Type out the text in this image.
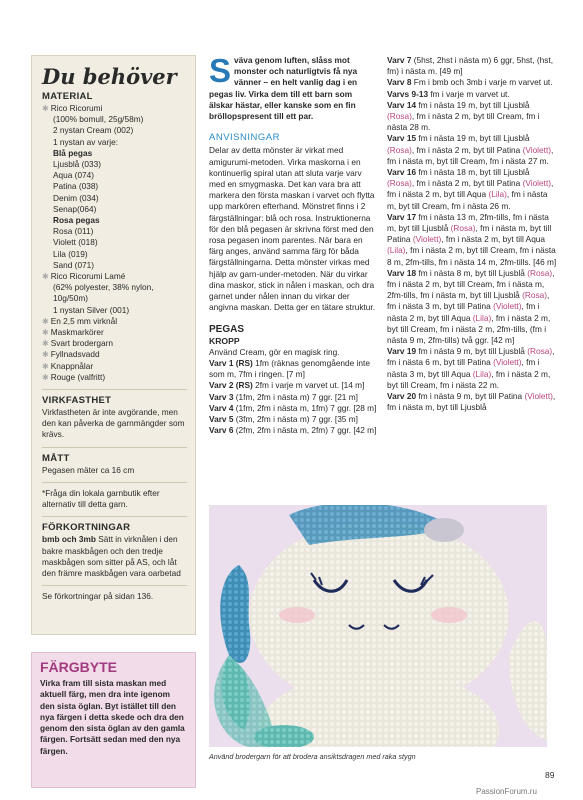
Du behöver
MATERIAL
✱ Rico Ricorumi
(100% bomull, 25g/58m)
2 nystan Cream (002)
1 nystan av varje:
Blå pegas
Ljusblå (033)
Aqua (074)
Patina (038)
Denim (034)
Senap(064)
Rosa pegas
Rosa (011)
Violett (018)
Lila (019)
Sand (071)
✱ Rico Ricorumi Lamé
(62% polyester, 38% nylon,
10g/50m)
1 nystan Silver (001)
✱ En 2,5 mm virknål
✱ Maskmarkörer
✱ Svart brodergarn
✱ Fyllnadsvadd
✱ Knappnålar
✱ Rouge (valfritt)
VIRKFASTHET

Virkfastheten är inte avgörande, men den kan påverka de garnmängder som krävs.

MÅTT

Pegasen mäter ca 16 cm

*Fråga din lokala garnbutik efter alternativ till detta garn.

FÖRKORTNINGAR

bmb och 3mb Sätt in virknålen i den bakre maskbågen och den tredje maskbågen som sitter på AS, och låt den främre maskbågen vara oarbetad

Se förkortningar på sidan 136.

FÄRGBYTE

Virka fram till sista maskan med aktuell färg, men dra inte igenom den sista öglan. Byt istället till den nya färgen i detta skede och dra den genom den sista öglan av den gamla färgen. Fortsätt sedan med den nya färgen.

Sväva genom luften, slåss mot monster och naturligtvis få nya vänner – en helt vanlig dag i en pegas liv. Virka dem till ett barn som älskar hästar, eller kanske som en fin bröllopspresent till ett par.

ANVISNINGAR

Delar av detta mönster är virkat med amigurumi-metoden. Virka maskorna i en kontinuerlig spiral utan att sluta varje varv med en smygmaska. Det kan vara bra att markera den första maskan i varvet och flytta upp markören efterhand. Mönstret finns i 2 färgställningar: blå och rosa. Instruktionerna för den blå pegasen är skrivna först med den rosa pegasen inom parentes. När bara en färg anges, använd samma färg för båda färgställningarna. Detta mönster virkas med hjälp av garn-under-metoden. När du virkar dina maskor, stick in nålen i maskan, och dra garnet under nålen innan du virkar der angivna maskan. Detta ger en tätare struktur.

PEGAS
KROPP

Använd Cream, gör en magisk ring.

Varv 1 (RS) 1fm (räknas genomgående inte som m, 7fm i ringen. [7 m]

Varv 2 (RS) 2fm i varje m varvet ut. [14 m]

Varv 3 (1fm, 2fm i nästa m) 7 ggr. [21 m]

Varv 4 (1fm, 2fm i nästa m, 1fm) 7 ggr. [28 m]

Varv 5 (3fm, 2fm i nästa m) 7 ggr. [35 m]

Varv 6 (2fm, 2fm i nästa m, 2fm) 7 ggr. [42 m]

Varv 7 (5hst, 2hst i nästa m) 6 ggr, 5hst, (hst, fm) i nästa m. [49 m]

Varv 8 Fm i bmb och 3mb i varje m varvet ut.

Varvs 9-13 fm i varje m varvet ut.

Varv 14 fm i nästa 19 m, byt till Ljusblå (Rosa), fm i nästa 2 m, byt till Cream, fm i nästa 28 m.

Varv 15 fm i nästa 19 m, byt till Ljusblå (Rosa), fm i nästa 2 m, byt till Patina (Violett), fm i nästa m, byt till Cream, fm i nästa 27 m.

Varv 16 fm i nästa 18 m, byt till Ljusblå (Rosa), fm i nästa 2 m, byt till Patina (Violett), fm i nästa 2 m, byt till Aqua (Lila), fm i nästa m, byt till Cream, fm i nästa 26 m.

Varv 17 fm i nästa 13 m, 2fm-tills, fm i nästa m, byt till Ljusblå (Rosa), fm i nästa m, byt till Patina (Violett), fm i nästa 2 m, byt till Aqua (Lila), fm i nästa 2 m, byt till Cream, fm i nästa 8 m, 2fm-tills, fm i nästa 14 m, 2fm-tills. [46 m]

Varv 18 fm i nästa 8 m, byt till Ljusblå (Rosa), fm i nästa 2 m, byt till Cream, fm i nästa m, 2fm-tills, fm i nästa m, byt till Ljusblå (Rosa), fm i nästa 3 m, byt till Patina (Violett), fm i nästa 2 m, byt till Aqua (Lila), fm i nästa 2 m, byt till Cream, fm i nästa 2 m, 2fm-tills, (fm i nästa 9 m, 2fm-tills) två ggr. [42 m]

Varv 19 fm i nästa 9 m, byt till Ljusblå (Rosa), fm i nästa 6 m, byt till Patina (Violett), fm i nästa 3 m, byt till Aqua (Lila), fm i nästa 2 m, byt till Cream, fm i nästa 22 m.

Varv 20 fm i nästa 9 m, byt till Patina (Violett), fm i nästa m, byt till Ljusblå

Använd brodergarn för att brodera ansiktsdragen med raka stygn
89
PassionForum.ru
